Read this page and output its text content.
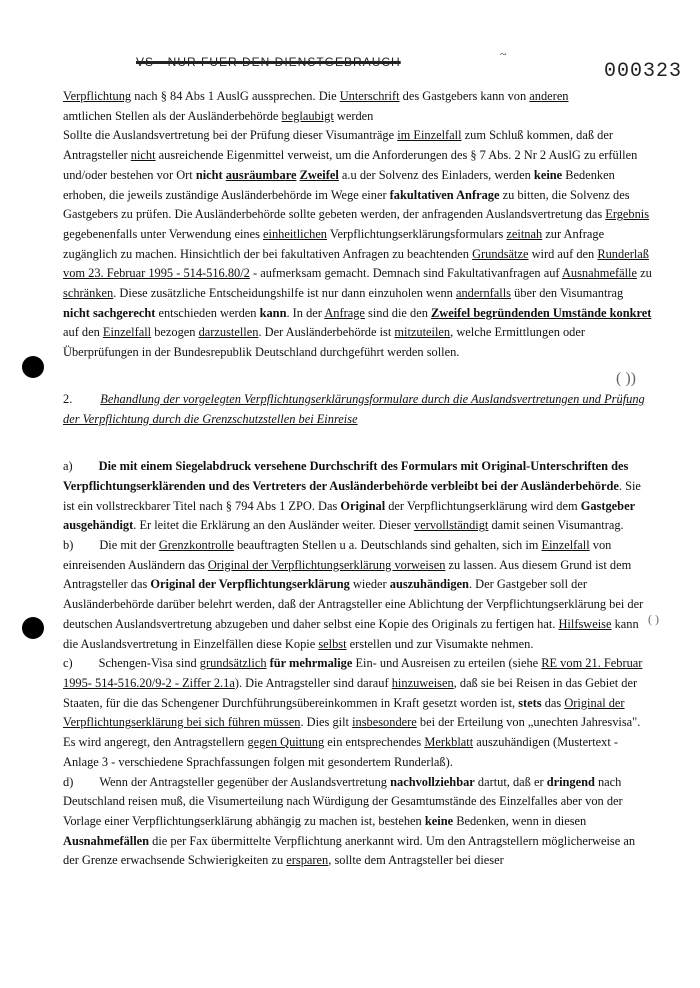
VS - NUR FUER DEN DIENSTGEBRAUCH
~
000323
( ))
( )

Verpflichtung nach § 84 Abs 1 AuslG aussprechen. Die Unterschrift des Gastgebers kann von anderen

amtlichen Stellen als der Ausländerbehörde beglaubigt werden

Sollte die Auslandsvertretung bei der Prüfung dieser Visumanträge im Einzelfall zum Schluß kommen, daß der Antragsteller nicht ausreichende Eigenmittel verweist, um die Anforderungen des § 7 Abs. 2 Nr 2 AuslG zu erfüllen und/oder bestehen vor Ort nicht ausräumbare Zweifel a.u der Solvenz des Einladers, werden keine Bedenken erhoben, die jeweils zuständige Ausländerbehörde im Wege einer fakultativen Anfrage zu bitten, die Solvenz des Gastgebers zu prüfen. Die Ausländerbehörde sollte gebeten werden, der anfragenden Auslandsvertretung das Ergebnis gegebenenfalls unter Verwendung eines einheitlichen Verpflichtungserklärungsformulars zeitnah zur Anfrage zugänglich zu machen. Hinsichtlich der bei fakultativen Anfragen zu beachtenden Grundsätze wird auf den Runderlaß vom 23. Februar 1995 - 514-516.80/2 - aufmerksam gemacht. Demnach sind Fakultativanfragen auf Ausnahmefälle zu schränken. Diese zusätzliche Entscheidungshilfe ist nur dann einzuholen wenn andernfalls über den Visumantrag nicht sachgerecht entschieden werden kann. In der Anfrage sind die den Zweifel begründenden Umstände konkret auf den Einzelfall bezogen darzustellen. Der Ausländerbehörde ist mitzuteilen, welche Ermittlungen oder Überprüfungen in der Bundesrepublik Deutschland durchgeführt werden sollen.

2. Behandlung der vorgelegten Verpflichtungserklärungsformulare durch die Auslandsvertretungen und Prüfung der Verpflichtung durch die Grenzschutzstellen bei Einreise

a) Die mit einem Siegelabdruck versehene Durchschrift des Formulars mit Original-Unterschriften des Verpflichtungserklärenden und des Vertreters der Ausländerbehörde verbleibt bei der Ausländerbehörde. Sie ist ein vollstreckbarer Titel nach § 794 Abs 1 ZPO. Das Original der Verpflichtungserklärung wird dem Gastgeber ausgehändigt. Er leitet die Erklärung an den Ausländer weiter. Dieser vervollständigt damit seinen Visumantrag.

b) Die mit der Grenzkontrolle beauftragten Stellen u a. Deutschlands sind gehalten, sich im Einzelfall von einreisenden Ausländern das Original der Verpflichtungserklärung vorweisen zu lassen. Aus diesem Grund ist dem Antragsteller das Original der Verpflichtungserklärung wieder auszuhändigen. Der Gastgeber soll der Ausländerbehörde darüber belehrt werden, daß der Antragsteller eine Ablichtung der Verpflichtungserklärung bei der deutschen Auslandsvertretung abzugeben und daher selbst eine Kopie des Originals zu fertigen hat. Hilfsweise kann die Auslandsvertretung in Einzelfällen diese Kopie selbst erstellen und zur Visumakte nehmen.

c) Schengen-Visa sind grundsätzlich für mehrmalige Ein- und Ausreisen zu erteilen (siehe RE vom 21. Februar 1995- 514-516.20/9-2 - Ziffer 2.1a). Die Antragsteller sind darauf hinzuweisen, daß sie bei Reisen in das Gebiet der Staaten, für die das Schengener Durchführungsübereinkommen in Kraft gesetzt worden ist, stets das Original der Verpflichtungserklärung bei sich führen müssen. Dies gilt insbesondere bei der Erteilung von „unechten Jahresvisa". Es wird angeregt, den Antragstellern gegen Quittung ein entsprechendes Merkblatt auszuhändigen (Mustertext - Anlage 3 - verschiedene Sprachfassungen folgen mit gesondertem Runderlaß).

d) Wenn der Antragsteller gegenüber der Auslandsvertretung nachvollziehbar dartut, daß er dringend nach Deutschland reisen muß, die Visumerteilung nach Würdigung der Gesamtumstände des Einzelfalles aber von der Vorlage einer Verpflichtungserklärung abhängig zu machen ist, bestehen keine Bedenken, wenn in diesen Ausnahmefällen die per Fax übermittelte Verpflichtung anerkannt wird. Um den Antragstellern möglicherweise an der Grenze erwachsende Schwierigkeiten zu ersparen, sollte dem Antragsteller bei dieser
